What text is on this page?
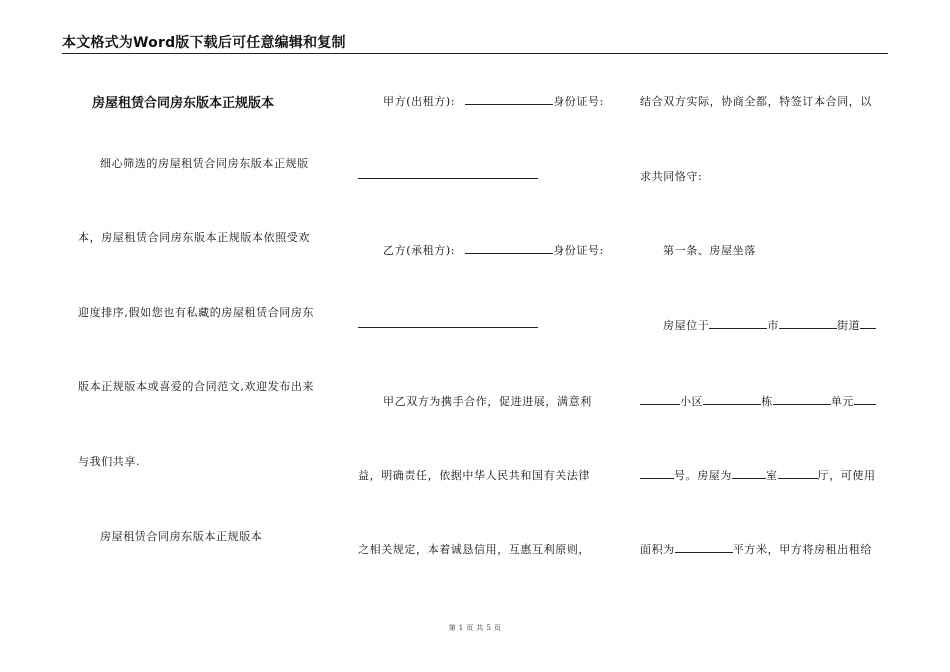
本文格式为Word版下载后可任意编辑和复制
房屋租赁合同房东版本正规版本
细心筛选的房屋租赁合同房东版本正规版
本，房屋租赁合同房东版本正规版本依照受欢
迎度排序,假如您也有私藏的房屋租赁合同房东
版本正规版本或喜爱的合同范文,欢迎发布出来
与我们共享.
房屋租赁合同房东版本正规版本
甲方(出租方):	身份证号:
乙方(承租方):	身份证号:
甲乙双方为携手合作，促进进展，满意利
益，明确责任，依据中华人民共和国有关法律
之相关规定，本着诚恳信用，互惠互利原则，
结合双方实际，协商全都，特签订本合同，以
求共同恪守:
第一条、房屋坐落
房屋位于	市	街道
小区	栋	单元
号。房屋为	室	厅，可使用
面积为	平方米，甲方将房租出租给
第 1 页 共 5 页
